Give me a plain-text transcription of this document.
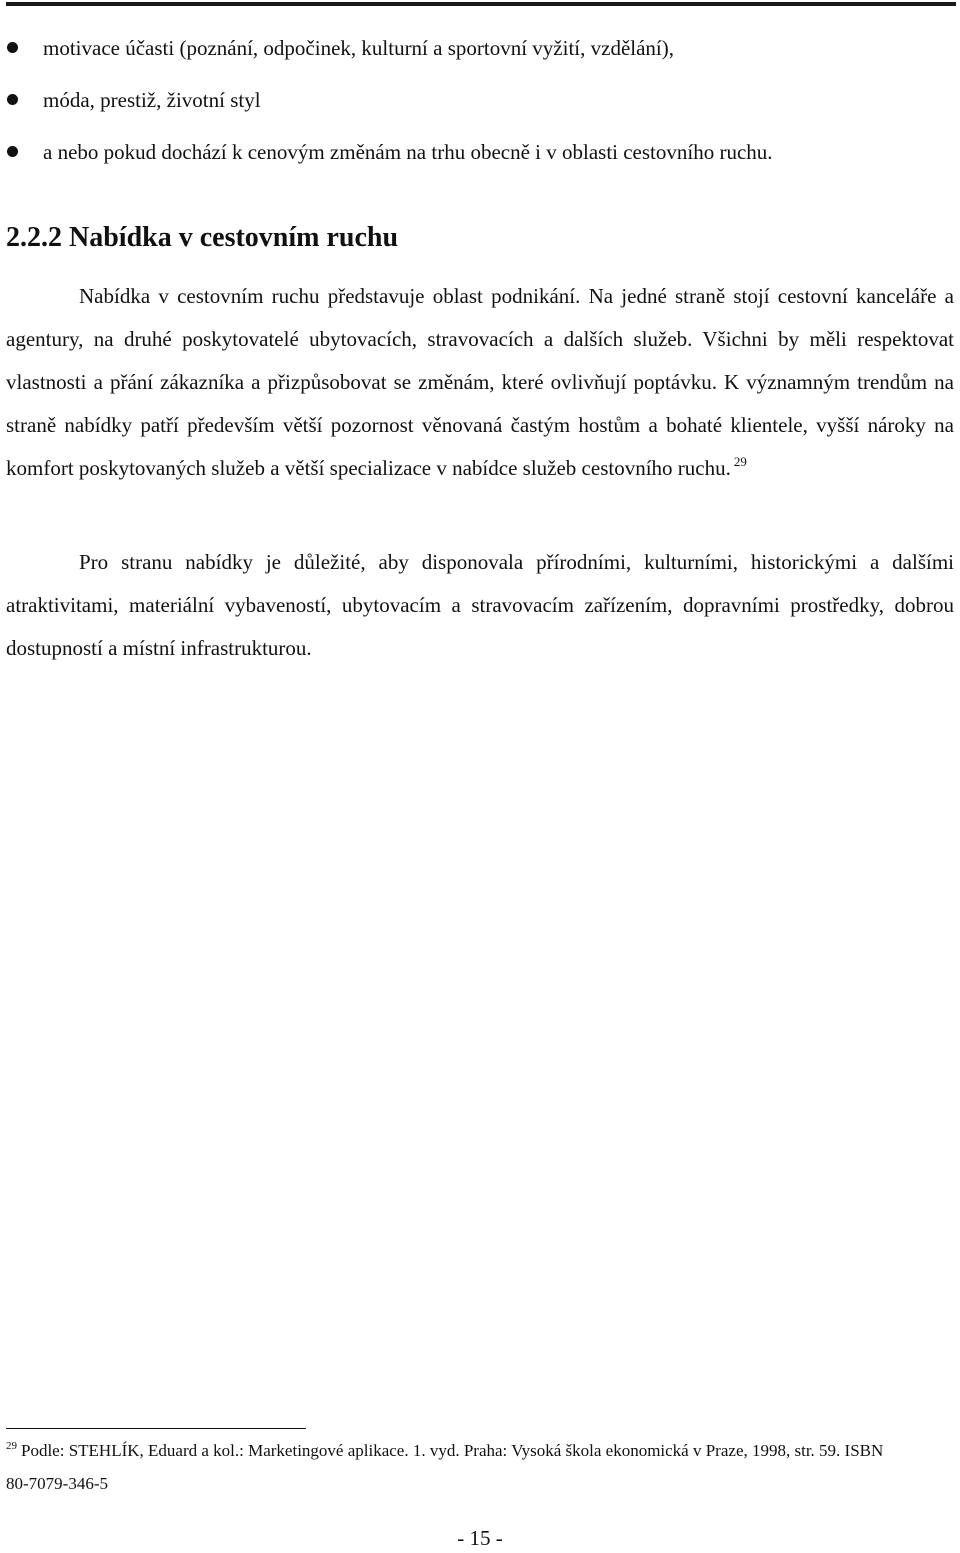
motivace účasti (poznání, odpočinek, kulturní a sportovní vyžití, vzdělání),
móda, prestiž, životní styl
a nebo pokud dochází k cenovým změnám na trhu obecně i v oblasti cestovního ruchu.
2.2.2 Nabídka v cestovním ruchu

Nabídka v cestovním ruchu představuje oblast podnikání. Na jedné straně stojí cestovní kanceláře a agentury, na druhé poskytovatelé ubytovacích, stravovacích a dalších služeb. Všichni by měli respektovat vlastnosti a přání zákazníka a přizpůsobovat se změnám, které ovlivňují poptávku. K významným trendům na straně nabídky patří především větší pozornost věnovaná častým hostům a bohaté klientele, vyšší nároky na komfort poskytovaných služeb a větší specializace v nabídce služeb cestovního ruchu. $^{29}$

Pro stranu nabídky je důležité, aby disponovala přírodními, kulturními, historickými a dalšími atraktivitami, materiální vybaveností, ubytovacím a stravovacím zařízením, dopravními prostředky, dobrou dostupností a místní infrastrukturou.

$^{29}$ Podle: STEHLÍK, Eduard a kol.: Marketingové aplikace. 1. vyd. Praha: Vysoká škola ekonomická v Praze, 1998, str. 59. ISBN 80-7079-346-5

- 15 -
